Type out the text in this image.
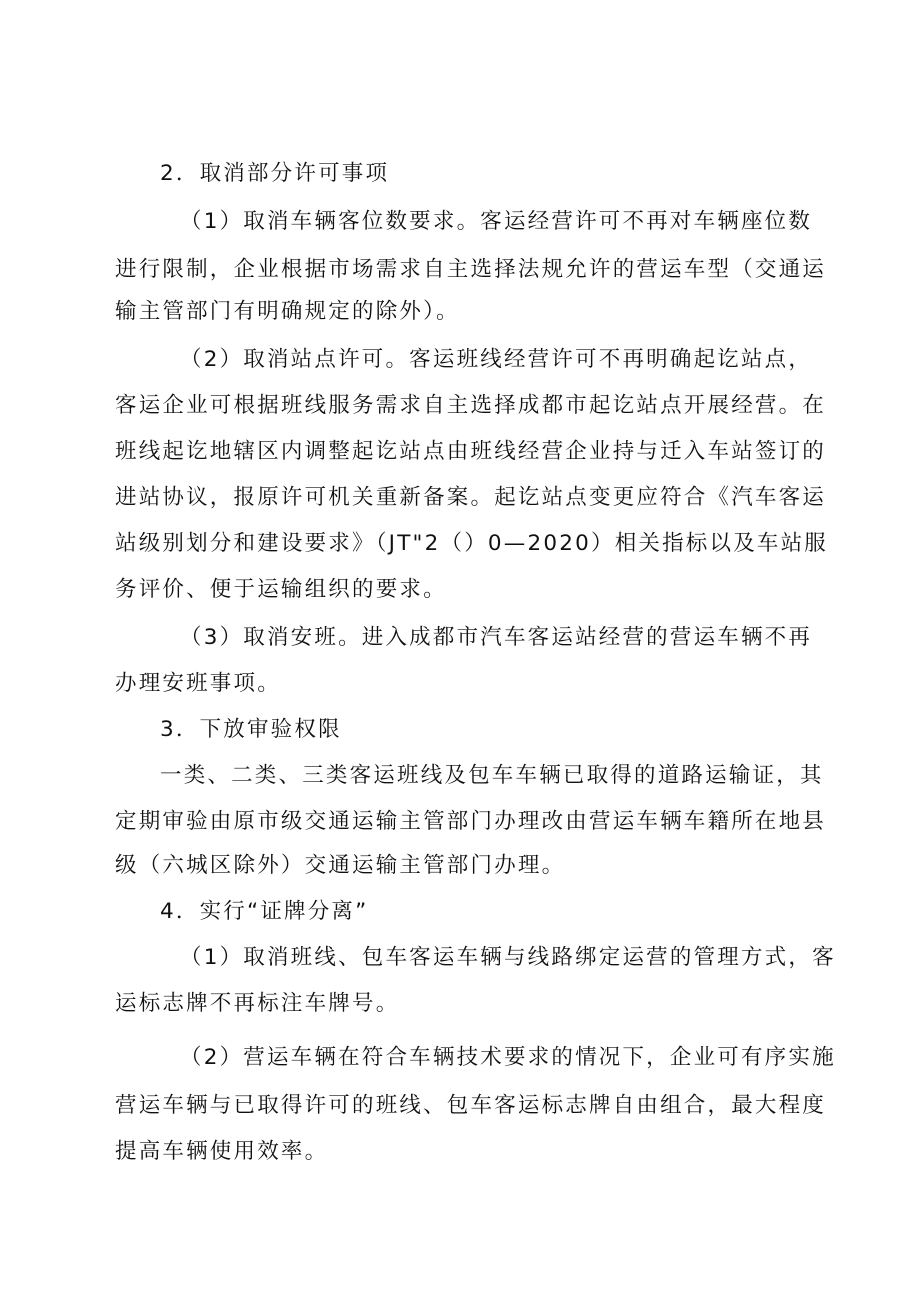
2．取消部分许可事项
（1）取消车辆客位数要求。客运经营许可不再对车辆座位数
进行限制，企业根据市场需求自主选择法规允许的营运车型（交通运
输主管部门有明确规定的除外）。
（2）取消站点许可。客运班线经营许可不再明确起讫站点，
客运企业可根据班线服务需求自主选择成都市起讫站点开展经营。在
班线起讫地辖区内调整起讫站点由班线经营企业持与迁入车站签订的
进站协议，报原许可机关重新备案。起讫站点变更应符合《汽车客运
站级别划分和建设要求》（JT"2（）0—2020）相关指标以及车站服
务评价、便于运输组织的要求。
（3）取消安班。进入成都市汽车客运站经营的营运车辆不再
办理安班事项。
3．下放审验权限
一类、二类、三类客运班线及包车车辆已取得的道路运输证，其
定期审验由原市级交通运输主管部门办理改由营运车辆车籍所在地县
级（六城区除外）交通运输主管部门办理。
4．实行“证牌分离”
（1）取消班线、包车客运车辆与线路绑定运营的管理方式，客
运标志牌不再标注车牌号。
（2）营运车辆在符合车辆技术要求的情况下，企业可有序实施
营运车辆与已取得许可的班线、包车客运标志牌自由组合，最大程度
提高车辆使用效率。
